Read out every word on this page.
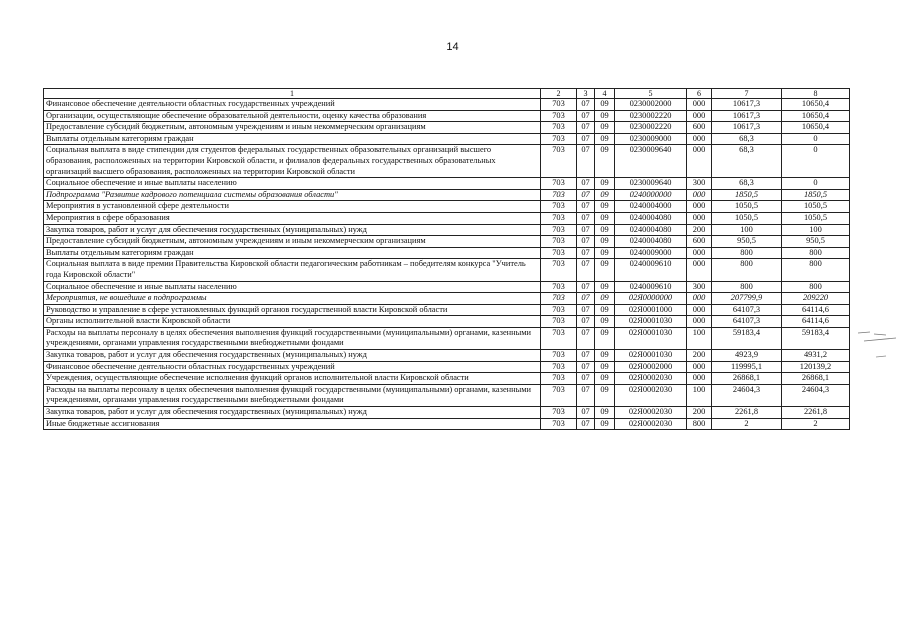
14
1	2	3	4	5	6	7	8
Финансовое обеспечение деятельности областных государственных учреждений	703	07	09	0230002000	000	10617,3	10650,4
Организации, осуществляющие обеспечение образовательной деятельности, оценку качества образования	703	07	09	0230002220	000	10617,3	10650,4
Предоставление субсидий бюджетным, автономным учреждениям и иным некоммерческим организациям	703	07	09	0230002220	600	10617,3	10650,4
Выплаты отдельным категориям граждан	703	07	09	0230009000	000	68,3	0
Социальная выплата в виде стипендии для студентов федеральных государственных образовательных организаций высшего образования, расположенных на территории Кировской области, и филиалов федеральных государственных образовательных организаций высшего образования, расположенных на территории Кировской области	703	07	09	0230009640	000	68,3	0
Социальное обеспечение и иные выплаты населению	703	07	09	0230009640	300	68,3	0
Подпрограмма "Развитие кадрового потенциала системы образования области"	703	07	09	0240000000	000	1850,5	1850,5
Мероприятия в установленной сфере деятельности	703	07	09	0240004000	000	1050,5	1050,5
Мероприятия в сфере образования	703	07	09	0240004080	000	1050,5	1050,5
Закупка товаров, работ и услуг для обеспечения государственных (муниципальных) нужд	703	07	09	0240004080	200	100	100
Предоставление субсидий бюджетным, автономным учреждениям и иным некоммерческим организациям	703	07	09	0240004080	600	950,5	950,5
Выплаты отдельным категориям граждан	703	07	09	0240009000	000	800	800
Социальная выплата в виде премии Правительства Кировской области педагогическим работникам – победителям конкурса "Учитель года Кировской области"	703	07	09	0240009610	000	800	800
Социальное обеспечение и иные выплаты населению	703	07	09	0240009610	300	800	800
Мероприятия, не вошедшие в подпрограммы	703	07	09	02Я0000000	000	207799,9	209220
Руководство и управление в сфере установленных функций органов государственной власти Кировской области	703	07	09	02Я0001000	000	64107,3	64114,6
Органы исполнительной власти Кировской области	703	07	09	02Я0001030	000	64107,3	64114,6
Расходы на выплаты персоналу в целях обеспечения выполнения функций государственными (муниципальными) органами, казенными учреждениями, органами управления государственными внебюджетными фондами	703	07	09	02Я0001030	100	59183,4	59183,4
Закупка товаров, работ и услуг для обеспечения государственных (муниципальных) нужд	703	07	09	02Я0001030	200	4923,9	4931,2
Финансовое обеспечение деятельности областных государственных учреждений	703	07	09	02Я0002000	000	119995,1	120139,2
Учреждения, осуществляющие обеспечение исполнения функций органов исполнительной власти Кировской области	703	07	09	02Я0002030	000	26868,1	26868,1
Расходы на выплаты персоналу в целях обеспечения выполнения функций государственными (муниципальными) органами, казенными учреждениями, органами управления государственными внебюджетными фондами	703	07	09	02Я0002030	100	24604,3	24604,3
Закупка товаров, работ и услуг для обеспечения государственных (муниципальных) нужд	703	07	09	02Я0002030	200	2261,8	2261,8
Иные бюджетные ассигнования	703	07	09	02Я0002030	800	2	2
